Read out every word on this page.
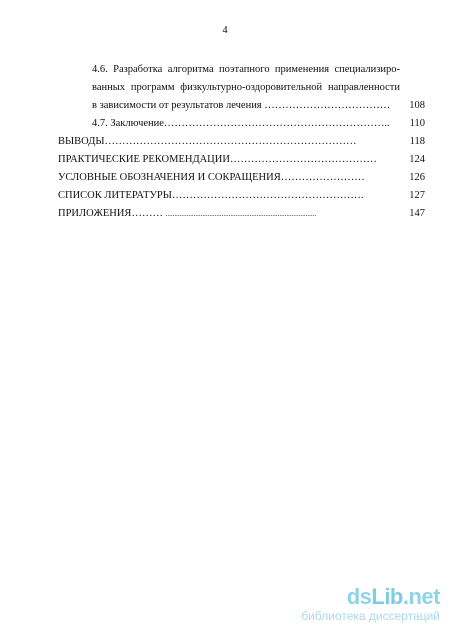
4
4.6. Разработка алгоритма поэтапного применения специализиро-
ванных программ физкультурно-оздоровительной направленности
в зависимости от результатов лечения ………………………………	108
4.7. Заключение………………………………………………………..	110
ВЫВОДЫ………………………………………………………………	118
ПРАКТИЧЕСКИЕ РЕКОМЕНДАЦИИ……………………………………	124
УСЛОВНЫЕ ОБОЗНАЧЕНИЯ И СОКРАЩЕНИЯ……………………	126
СПИСОК ЛИТЕРАТУРЫ……………………………………………….	127
ПРИЛОЖЕНИЯ……… ......................................................................................	147
dsLib.net
библиотека диссертаций
